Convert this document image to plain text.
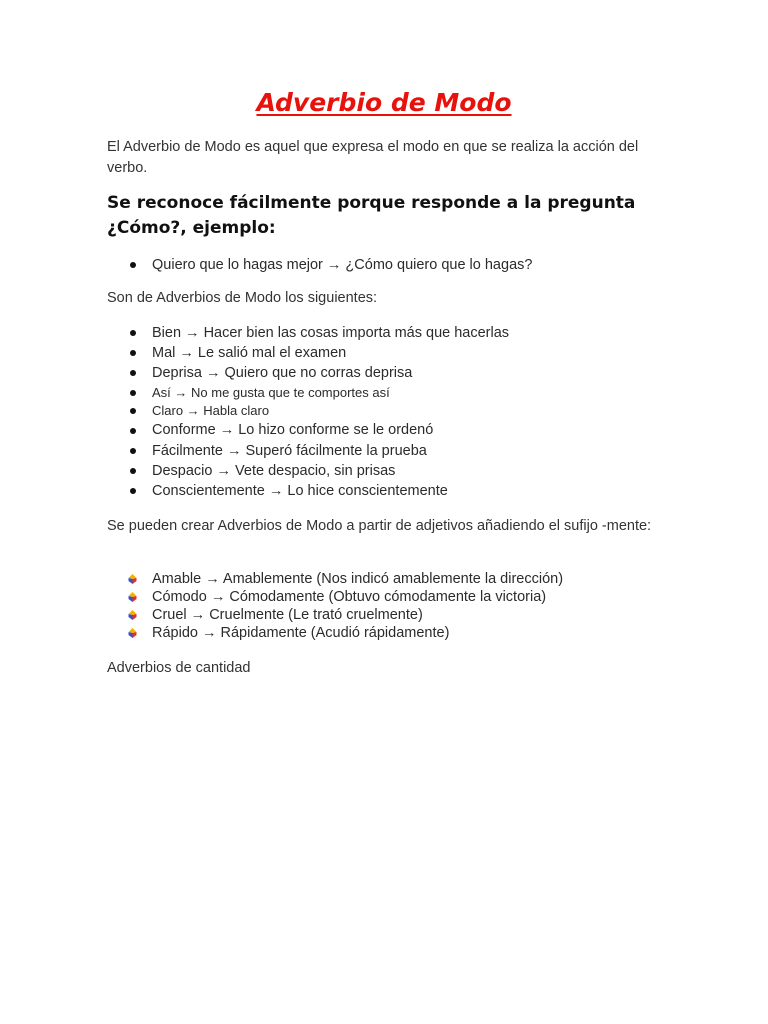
Adverbio de Modo

El Adverbio de Modo es aquel que expresa el modo en que se realiza la acción del verbo.

Se reconoce fácilmente porque responde a la pregunta ¿Cómo?, ejemplo:
Quiero que lo hagas mejor → ¿Cómo quiero que lo hagas?

Son de Adverbios de Modo los siguientes:

Bien → Hacer bien las cosas importa más que hacerlas
Mal → Le salió mal el examen
Deprisa → Quiero que no corras deprisa
Así → No me gusta que te comportes así
Claro → Habla claro
Conforme → Lo hizo conforme se le ordenó
Fácilmente → Superó fácilmente la prueba
Despacio → Vete despacio, sin prisas
Conscientemente → Lo hice conscientemente

Se pueden crear Adverbios de Modo a partir de adjetivos añadiendo el sufijo -mente:

Amable → Amablemente (Nos indicó amablemente la dirección)
Cómodo → Cómodamente (Obtuvo cómodamente la victoria)
Cruel → Cruelmente (Le trató cruelmente)
Rápido → Rápidamente (Acudió rápidamente)

Adverbios de cantidad
